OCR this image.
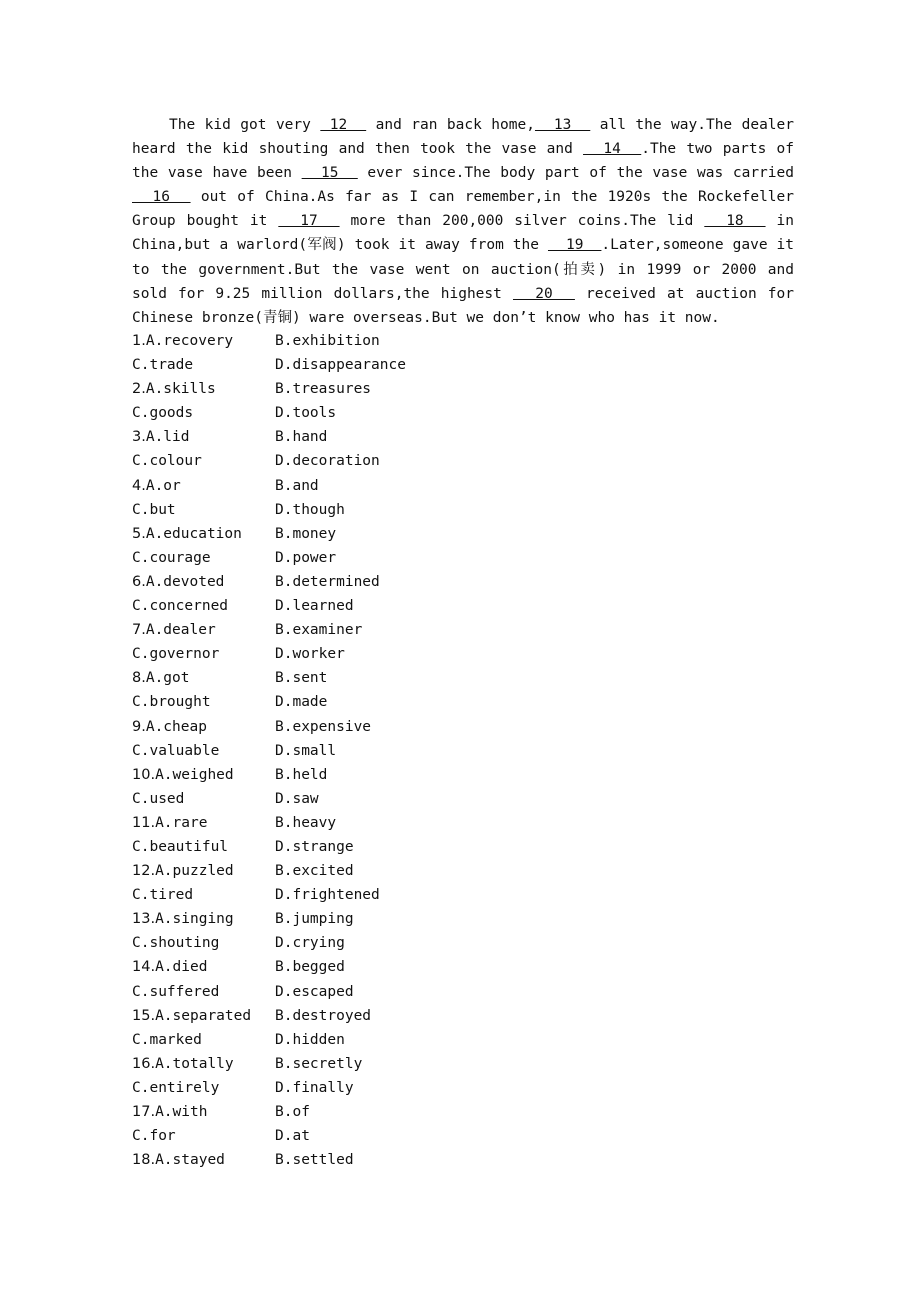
The kid got very  12   and ran back home,  13   all the way.The dealer heard the kid shouting and then took the vase and   14  .The two parts of the vase have been   15   ever since.The body part of the vase was carried   16   out of China.As far as I can remember,in the 1920s the Rockefeller Group bought it   17   more than 200,000 silver coins.The lid   18   in China,but a warlord(军阀) took it away from the   19  .Later,someone gave it to the government.But the vase went on auction(拍卖) in 1999 or 2000 and sold for 9.25 million dollars,the highest   20   received at auction for Chinese bronze(青铜) ware overseas.But we don’t know who has it now.

1.A.recovery	B.exhibition
C.trade	D.disappearance
2.A.skills	B.treasures
C.goods	D.tools
3.A.lid	B.hand
C.colour	D.decoration
4.A.or	B.and
C.but	D.though
5.A.education B.money
C.courage	D.power
6.A.devoted	B.determined
C.concerned	D.learned
7.A.dealer	B.examiner
C.governor	D.worker
8.A.got	B.sent
C.brought	D.made
9.A.cheap	B.expensive
C.valuable	D.small
10.A.weighed	B.held
C.used	D.saw
11.A.rare	B.heavy
C.beautiful	D.strange
12.A.puzzled	B.excited
C.tired	D.frightened
13.A.singing	B.jumping
C.shouting	D.crying
14.A.died	B.begged
C.suffered	D.escaped
15.A.separated B.destroyed
C.marked	D.hidden
16.A.totally	B.secretly
C.entirely	D.finally
17.A.with	B.of
C.for	D.at
18.A.stayed	B.settled
